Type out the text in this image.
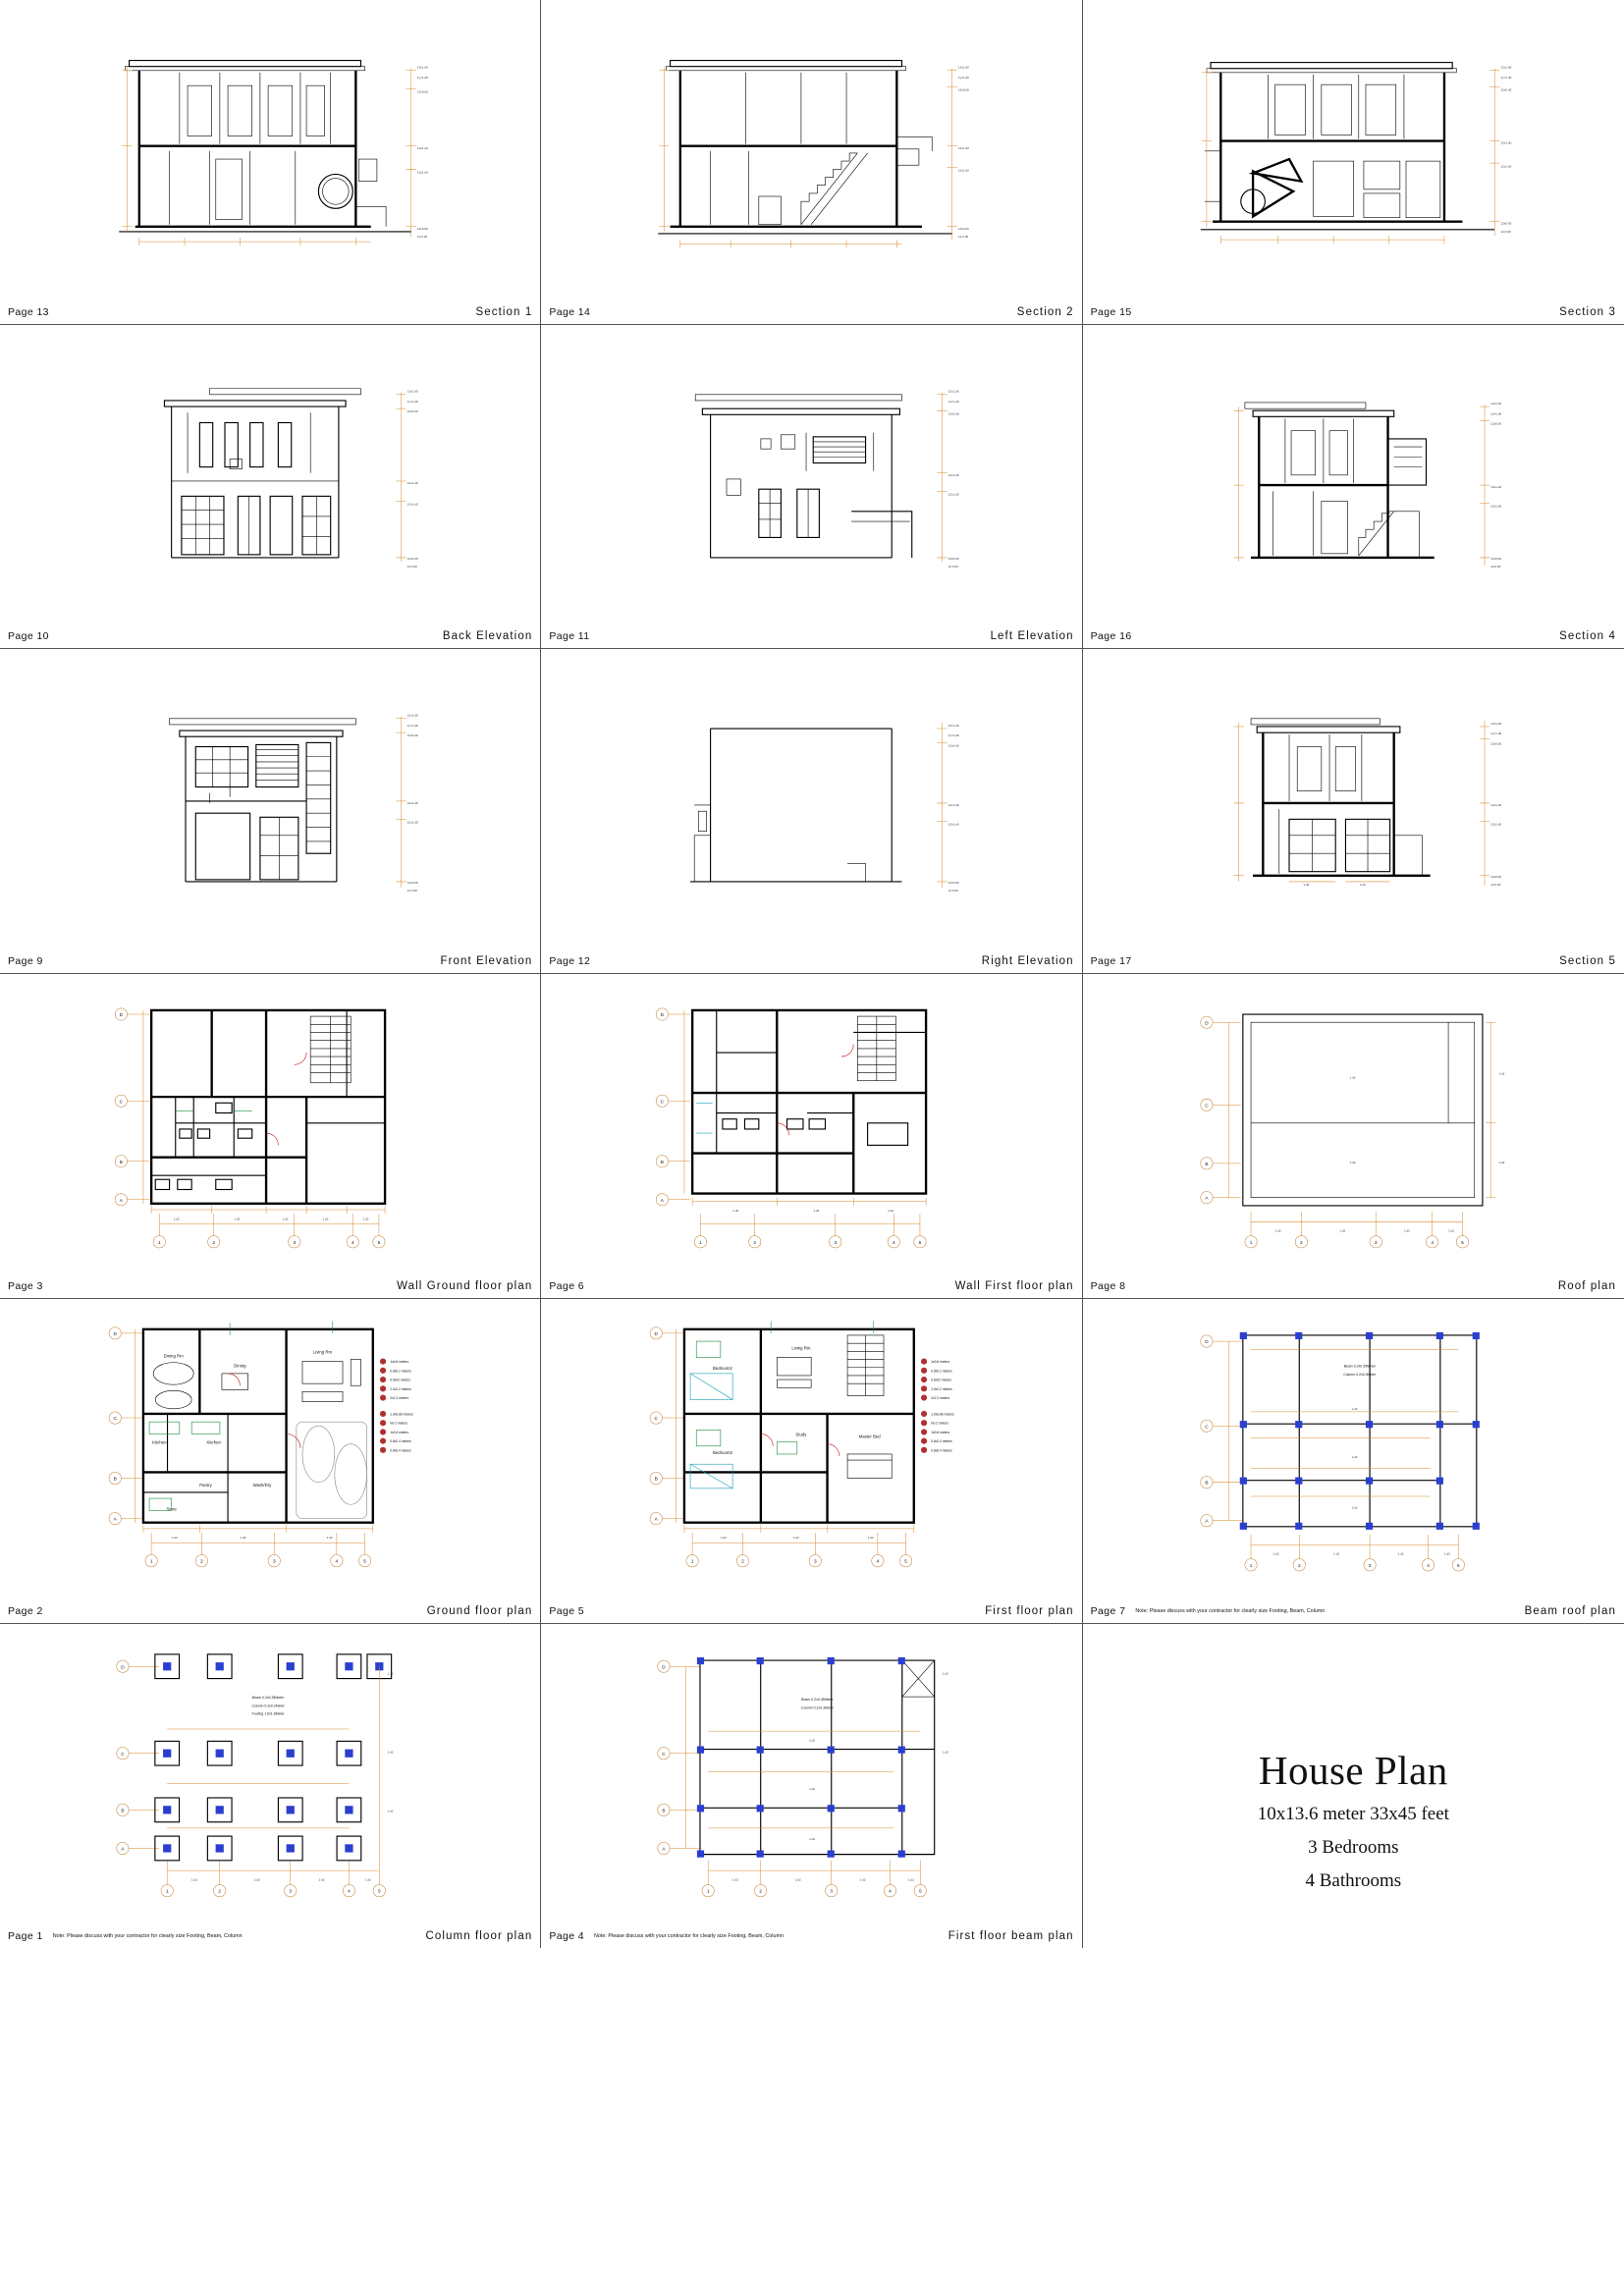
12x1.d0
1y=1.d0
12x0.d0
12x1.d0
12x1.d0
12x0.00
12.0.00
Page 13	Section 1
12x1.d0
1y=1.d0
12x0.d0
12x1.d0
12x1.d0
12x0.00
12.0.00
Page 14	Section 2
12x1.d0
1y=1.d0
12x0.d0
12x1.d0
12x1.d0
12x0.00
12.0.00
Page 15	Section 3
12x1.d0
1y=1.d0
12x0.d0
12x1.d0
12x1.d0
12x0.00
12.0.00
Page 10	Back Elevation
12x1.d0
1y=1.d0
12x0.d0
12x1.d0
12x1.d0
12x0.00
12.0.00
Page 11	Left Elevation
12x1.d0
1y=1.d0
12x0.d0
12x1.d0
12x1.d0
12x0.00
12.0.00
Page 16	Section 4
12x1.d0
1y=1.d0
12x0.d0
12x1.d0
12x1.d0
12x0.00
12.0.00
Page 9	Front Elevation
12x1.d0
1y=1.d0
12x0.d0
12x1.d0
12x1.d0
12x0.00
12.0.00
Page 12	Right Elevation
12x1.d0
1y=1.d0
12x0.d0
12x1.d0
12x1.d0
12x0.00
12.0.00
1.d0	1.d0
Page 17	Section 5
D
C
B
A
1	2	3	4	5
1.d2	1.d2	1.d2	1.d2	1.d2
Page 3	Wall Ground floor plan
D
C
B
A
1	2	3	4	5
1.d2	1.d2	1.d2
Page 6	Wall First floor plan
D
C
B
A
1	2	3	4	5
1.d2
1.d2
1.d2
1.d2
1.d2	1.d2	1.d2	1.d2
Page 8	Roof plan
D
C
B
A
1	2	3	4	5
Dining Rm
Dining
Living Rm
Kitchen	Kitchen
Pantry
Store
Wash/Dry
1x0.8 meters
0.8x0.2 meters
0.60x2 meters
2.0x2.2 meters
2x2.2 meters
1.0x0.80 meters
No 2 meters
1x0.8 meters
0.8x2.4 meters
0.8x0.4 meters
1.d2	1.d2	1.d2
Page 2	Ground floor plan
D
C
B
A
1	2	3	4	5
Bedroom2
Living Rm
Study
Bedroom3
Master Bed
1x0.8 meters
0.8x0.2 meters
0.60x2 meters
2.0x2.2 meters
2x2.2 meters
1.0x0.80 meters
No 2 meters
1x0.8 meters
0.8x2.4 meters
0.8x0.4 meters
1.d2	1.d2	1.d2
Page 5	First floor plan
D
C
B
A
1	2	3	4	5
Beam 0.2x0.35Meter
Column 0.2x0.3Meter
1.d2
1.d2
1.d2
1.d2	1.d2	1.d2	1.d2
Page 7	Note: Please discuss with your contractor for clearly size Footing, Beam, Column	Beam roof plan
D
C
B
A
1	2	3	4	5
Beam 0.2x0.35Meter
Column 0.2x0.2Meter
Footing 1.6x1.6Meter
1.d2
1.d2
1.d2
1.d2	1.d2	1.d2	1.d2
Page 1	Note: Please discuss with your contractor for clearly size Footing, Beam, Column	Column floor plan
D
C
B
A
1	2	3	4	5
Beam 0.2x0.35Meter
Column 0.2x0.3Meter
1.d2
1.d2
1.d2
1.d2
1.d2
1.d2	1.d2	1.d2	1.d2
Page 4	Note: Please discuss with your contractor for clearly size Footing, Beam, Column	First floor beam plan
House Plan
10x13.6 meter 33x45 feet
3 Bedrooms
4 Bathrooms
